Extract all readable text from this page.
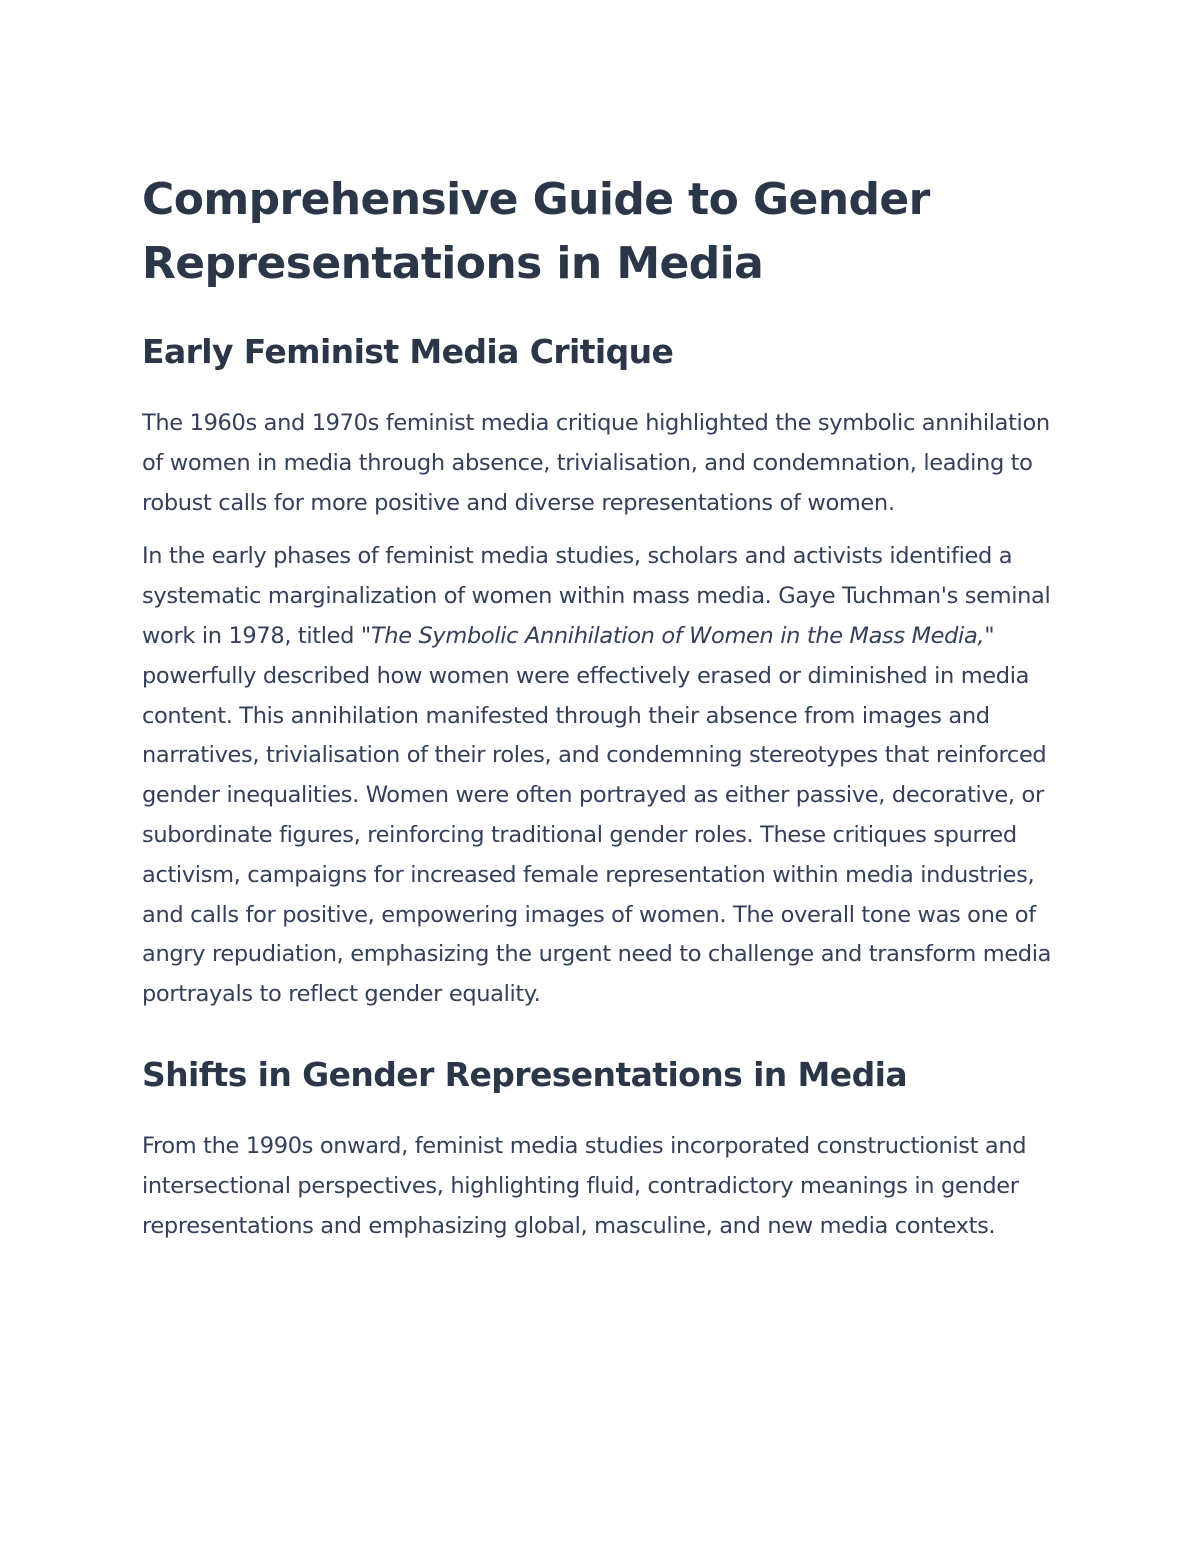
Comprehensive Guide to Gender Representations in Media
Early Feminist Media Critique

The 1960s and 1970s feminist media critique highlighted the symbolic annihilation of women in media through absence, trivialisation, and condemnation, leading to robust calls for more positive and diverse representations of women.

In the early phases of feminist media studies, scholars and activists identified a systematic marginalization of women within mass media. Gaye Tuchman's seminal work in 1978, titled "The Symbolic Annihilation of Women in the Mass Media," powerfully described how women were effectively erased or diminished in media content. This annihilation manifested through their absence from images and narratives, trivialisation of their roles, and condemning stereotypes that reinforced gender inequalities. Women were often portrayed as either passive, decorative, or subordinate figures, reinforcing traditional gender roles. These critiques spurred activism, campaigns for increased female representation within media industries, and calls for positive, empowering images of women. The overall tone was one of angry repudiation, emphasizing the urgent need to challenge and transform media portrayals to reflect gender equality.

Shifts in Gender Representations in Media

From the 1990s onward, feminist media studies incorporated constructionist and intersectional perspectives, highlighting fluid, contradictory meanings in gender representations and emphasizing global, masculine, and new media contexts.
